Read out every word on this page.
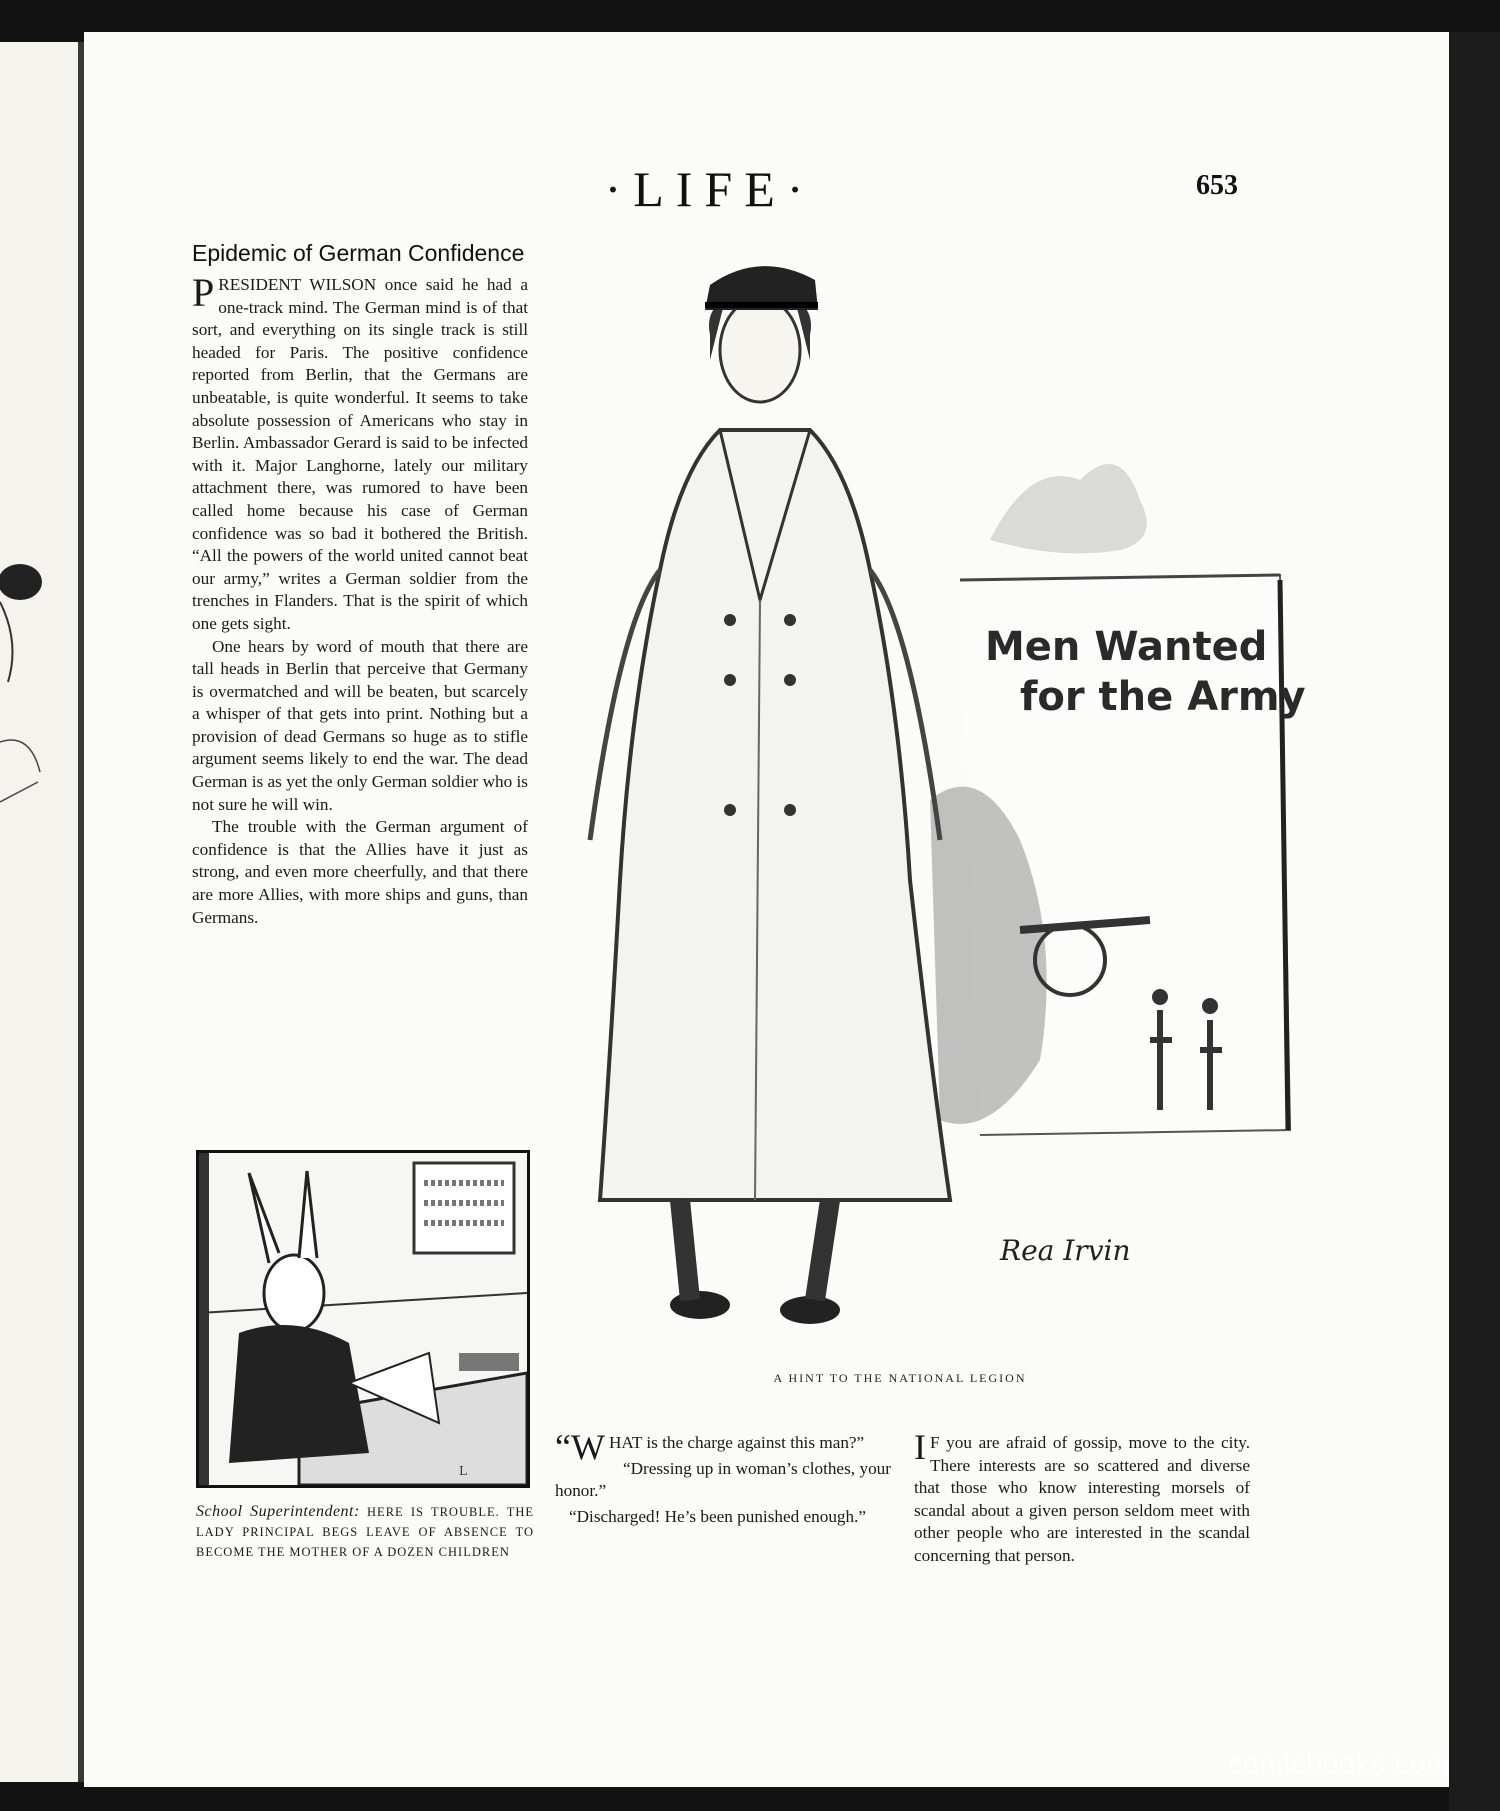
·LIFE·	653
Epidemic of German Confidence

PRESIDENT WILSON once said he had a one-track mind. The German mind is of that sort, and everything on its single track is still headed for Paris. The positive confidence reported from Berlin, that the Germans are unbeatable, is quite wonderful. It seems to take absolute possession of Americans who stay in Berlin. Ambassador Gerard is said to be infected with it. Major Langhorne, lately our military attachment there, was rumored to have been called home because his case of German confidence was so bad it bothered the British. “All the powers of the world united cannot beat our army,” writes a German soldier from the trenches in Flanders. That is the spirit of which one gets sight.

One hears by word of mouth that there are tall heads in Berlin that perceive that Germany is overmatched and will be beaten, but scarcely a whisper of that gets into print. Nothing but a provision of dead Germans so huge as to stifle argument seems likely to end the war. The dead German is as yet the only German soldier who is not sure he will win.

The trouble with the German argument of confidence is that the Allies have it just as strong, and even more cheerfully, and that there are more Allies, with more ships and guns, than Germans.

Men Wanted
for the Army
Rea Irvin
A HINT TO THE NATIONAL LEGION
L
School Superintendent: HERE IS TROUBLE. THE LADY PRINCIPAL BEGS LEAVE OF ABSENCE TO BECOME THE MOTHER OF A DOZEN CHILDREN

“WHAT is the charge against this man?”

“Dressing up in woman’s clothes, your honor.”

“Discharged! He’s been punished enough.”

I F you are afraid of gossip, move to the city. There interests are so scattered and diverse that those who know interesting morsels of scandal about a given person seldom meet with other people who are interested in the scandal concerning that person.

comicbooks.com
